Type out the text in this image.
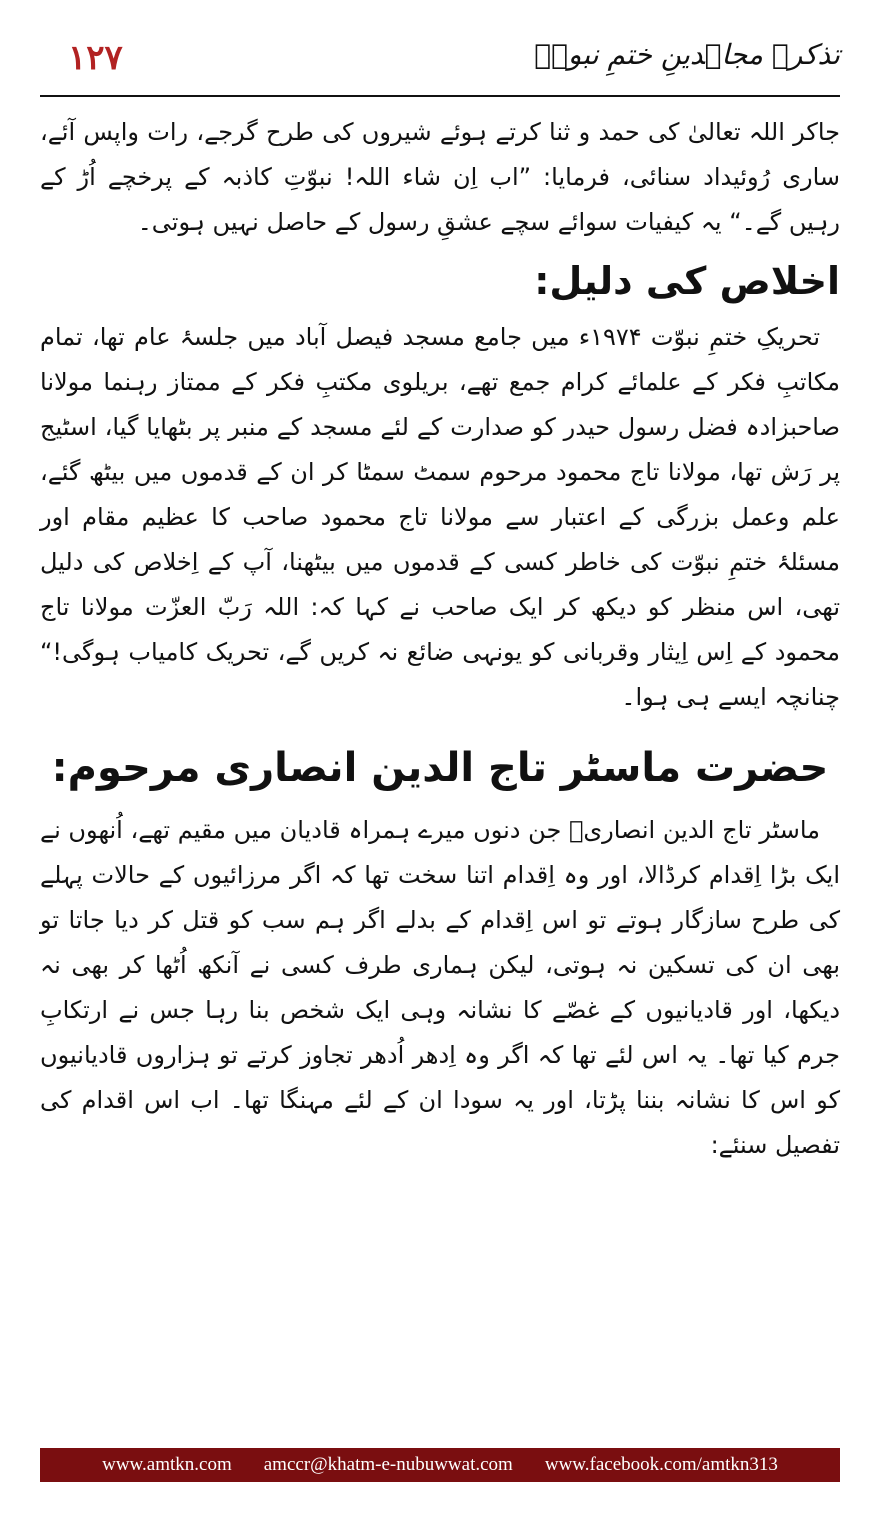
۱۲۷	تذکرہ مجاہدینِ ختمِ نبوتؐ

جاکر اللہ تعالیٰ کی حمد و ثنا کرتے ہوئے شیروں کی طرح گرجے، رات واپس آئے، ساری رُوئیداد سنائی، فرمایا: ”اب اِن شاء اللہ! نبوّتِ کاذبہ کے پرخچے اُڑ کے رہیں گے۔“ یہ کیفیات سوائے سچے عشقِ رسول کے حاصل نہیں ہوتی۔

اخلاص کی دلیل:

تحریکِ ختمِ نبوّت ۱۹۷۴ء میں جامع مسجد فیصل آباد میں جلسۂ عام تھا، تمام مکاتبِ فکر کے علمائے کرام جمع تھے، بریلوی مکتبِ فکر کے ممتاز رہنما مولانا صاحبزادہ فضل رسول حیدر کو صدارت کے لئے مسجد کے منبر پر بٹھایا گیا، اسٹیج پر رَش تھا، مولانا تاج محمود مرحوم سمٹ سمٹا کر ان کے قدموں میں بیٹھ گئے، علم وعمل بزرگی کے اعتبار سے مولانا تاج محمود صاحب کا عظیم مقام اور مسئلۂ ختمِ نبوّت کی خاطر کسی کے قدموں میں بیٹھنا، آپ کے اِخلاص کی دلیل تھی، اس منظر کو دیکھ کر ایک صاحب نے کہا کہ: اللہ رَبّ العزّت مولانا تاج محمود کے اِس اِیثار وقربانی کو یونہی ضائع نہ کریں گے، تحریک کامیاب ہوگی!“ چنانچہ ایسے ہی ہوا۔

حضرت ماسٹر تاج الدین انصاری مرحوم:

ماسٹر تاج الدین انصاریؒ جن دنوں میرے ہمراہ قادیان میں مقیم تھے، اُنھوں نے ایک بڑا اِقدام کرڈالا، اور وہ اِقدام اتنا سخت تھا کہ اگر مرزائیوں کے حالات پہلے کی طرح سازگار ہوتے تو اس اِقدام کے بدلے اگر ہم سب کو قتل کر دیا جاتا تو بھی ان کی تسکین نہ ہوتی، لیکن ہماری طرف کسی نے آنکھ اُٹھا کر بھی نہ دیکھا، اور قادیانیوں کے غصّے کا نشانہ وہی ایک شخص بنا رہا جس نے ارتکابِ جرم کیا تھا۔ یہ اس لئے تھا کہ اگر وہ اِدھر اُدھر تجاوز کرتے تو ہزاروں قادیانیوں کو اس کا نشانہ بننا پڑتا، اور یہ سودا ان کے لئے مہنگا تھا۔ اب اس اقدام کی تفصیل سنئے:

www.amtkn.com amccr@khatm-e-nubuwwat.com www.facebook.com/amtkn313
